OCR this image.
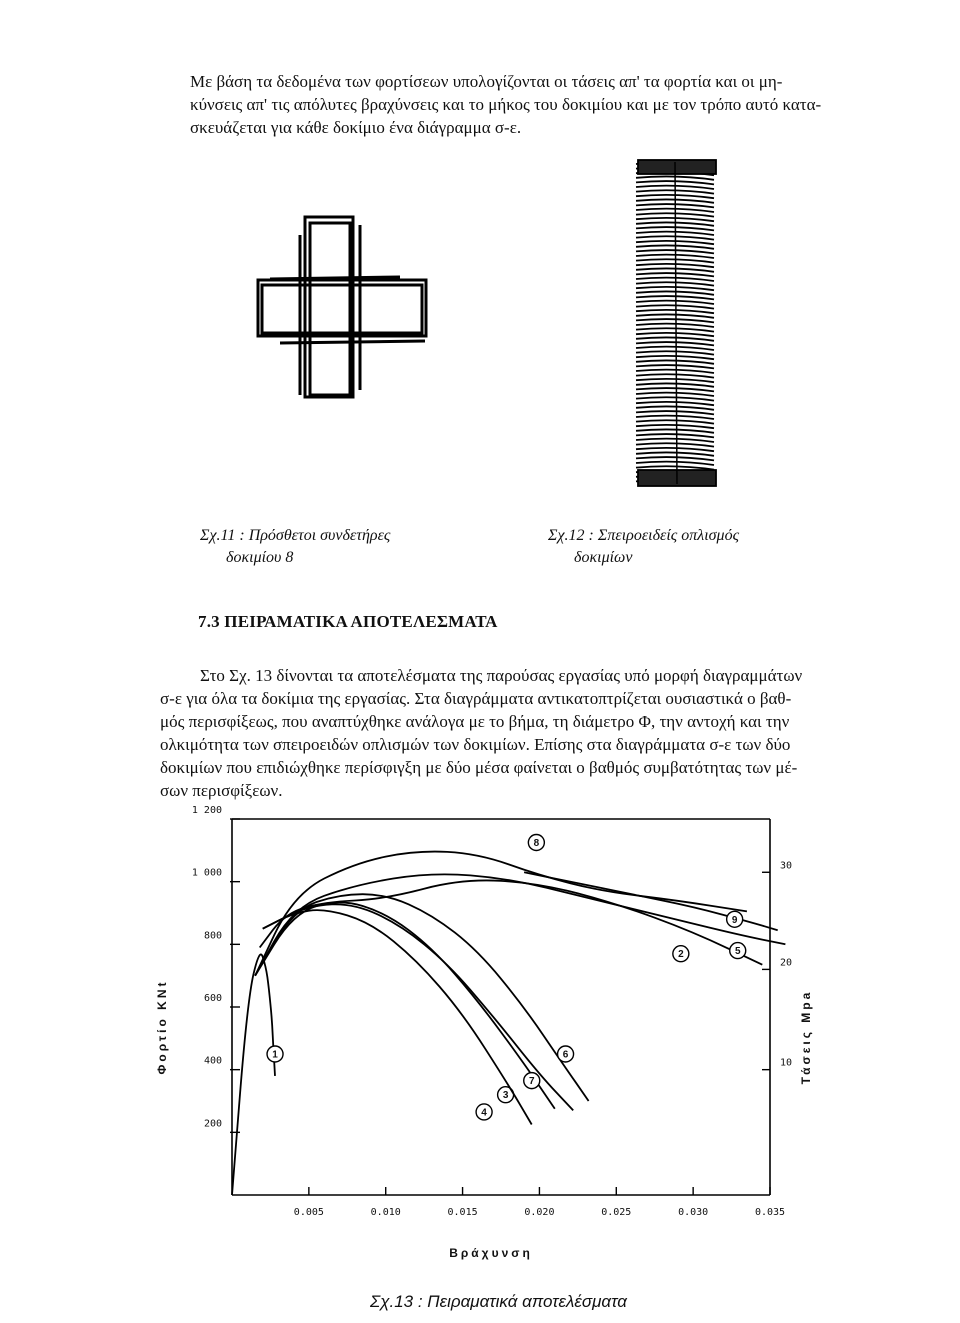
Με βάση τα δεδομένα των φορτίσεων υπολογίζονται οι τάσεις απ' τα φορτία και οι μη-
κύνσεις απ' τις απόλυτες βραχύνσεις και το μήκος του δοκιμίου και με τον τρόπο αυτό κατα-
σκευάζεται για κάθε δοκίμιο ένα διάγραμμα σ-ε.
Σχ.11 : Πρόσθετοι συνδετήρες
δοκιμίου 8
Σχ.12 : Σπειροειδείς οπλισμός
δοκιμίων
7.3 ΠΕΙΡΑΜΑΤΙΚΑ ΑΠΟΤΕΛΕΣΜΑΤΑ
Στο Σχ. 13 δίνονται τα αποτελέσματα της παρούσας εργασίας υπό μορφή διαγραμμάτων
σ-ε για όλα τα δοκίμια της εργασίας. Στα διαγράμματα αντικατοπτρίζεται ουσιαστικά ο βαθ-
μός περισφίξεως, που αναπτύχθηκε ανάλογα με το βήμα, τη διάμετρο Φ, την αντοχή και την
ολκιμότητα των σπειροειδών οπλισμών των δοκιμίων. Επίσης στα διαγράμματα σ-ε των δύο
δοκιμίων που επιδιώχθηκε περίσφιγξη με δύο μέσα φαίνεται ο βαθμός συμβατότητας των μέ-
σων περισφίξεων.
200
400
600
800
1 000
1 200
0.005	0.010	0.015	0.020	0.025	0.030	0.035
10
20
30
Βράχυνση
Φορτίο KNt	Τάσεις Mpa
1
2
3
4
5
6
7
8
9
Σχ.13 : Πειραματικά αποτελέσματα
